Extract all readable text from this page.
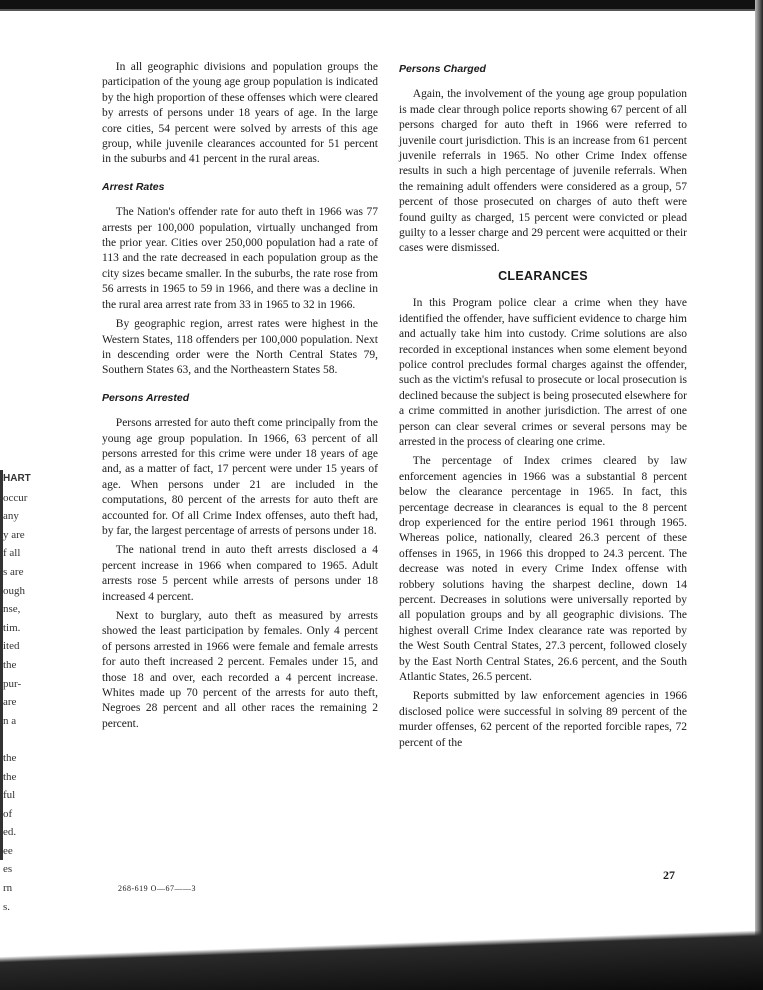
HART
occur
any
y are
f all
s are
ough
nse,
tim.
ited
the
pur-
are
n a

the
the
ful
of
ed.
ee
es
rn
s.

In all geographic divisions and population groups the participation of the young age group population is indicated by the high proportion of these offenses which were cleared by arrests of persons under 18 years of age. In the large core cities, 54 percent were solved by arrests of this age group, while juvenile clearances accounted for 51 percent in the suburbs and 41 percent in the rural areas.

Arrest Rates

The Nation's offender rate for auto theft in 1966 was 77 arrests per 100,000 population, virtually unchanged from the prior year. Cities over 250,000 population had a rate of 113 and the rate decreased in each population group as the city sizes became smaller. In the suburbs, the rate rose from 56 arrests in 1965 to 59 in 1966, and there was a decline in the rural area arrest rate from 33 in 1965 to 32 in 1966.

By geographic region, arrest rates were highest in the Western States, 118 offenders per 100,000 population. Next in descending order were the North Central States 79, Southern States 63, and the Northeastern States 58.

Persons Arrested

Persons arrested for auto theft come principally from the young age group population. In 1966, 63 percent of all persons arrested for this crime were under 18 years of age and, as a matter of fact, 17 percent were under 15 years of age. When persons under 21 are included in the computations, 80 percent of the arrests for auto theft are accounted for. Of all Crime Index offenses, auto theft had, by far, the largest percentage of arrests of persons under 18.

The national trend in auto theft arrests disclosed a 4 percent increase in 1966 when compared to 1965. Adult arrests rose 5 percent while arrests of persons under 18 increased 4 percent.

Next to burglary, auto theft as measured by arrests showed the least participation by females. Only 4 percent of persons arrested in 1966 were female and female arrests for auto theft increased 2 percent. Females under 15, and those 18 and over, each recorded a 4 percent increase. Whites made up 70 percent of the arrests for auto theft, Negroes 28 percent and all other races the remaining 2 percent.

Persons Charged

Again, the involvement of the young age group population is made clear through police reports showing 67 percent of all persons charged for auto theft in 1966 were referred to juvenile court jurisdiction. This is an increase from 61 percent juvenile referrals in 1965. No other Crime Index offense results in such a high percentage of juvenile referrals. When the remaining adult offenders were considered as a group, 57 percent of those prosecuted on charges of auto theft were found guilty as charged, 15 percent were convicted or plead guilty to a lesser charge and 29 percent were acquitted or their cases were dismissed.

CLEARANCES

In this Program police clear a crime when they have identified the offender, have sufficient evidence to charge him and actually take him into custody. Crime solutions are also recorded in exceptional instances when some element beyond police control precludes formal charges against the offender, such as the victim's refusal to prosecute or local prosecution is declined because the subject is being prosecuted elsewhere for a crime committed in another jurisdiction. The arrest of one person can clear several crimes or several persons may be arrested in the process of clearing one crime.

The percentage of Index crimes cleared by law enforcement agencies in 1966 was a substantial 8 percent below the clearance percentage in 1965. In fact, this percentage decrease in clearances is equal to the 8 percent drop experienced for the entire period 1961 through 1965. Whereas police, nationally, cleared 26.3 percent of these offenses in 1965, in 1966 this dropped to 24.3 percent. The decrease was noted in every Crime Index offense with robbery solutions having the sharpest decline, down 14 percent. Decreases in solutions were universally reported by all population groups and by all geographic divisions. The highest overall Crime Index clearance rate was reported by the West South Central States, 27.3 percent, followed closely by the East North Central States, 26.6 percent, and the South Atlantic States, 26.5 percent.

Reports submitted by law enforcement agencies in 1966 disclosed police were successful in solving 89 percent of the murder offenses, 62 percent of the reported forcible rapes, 72 percent of the

27
268-619 O—67——3
